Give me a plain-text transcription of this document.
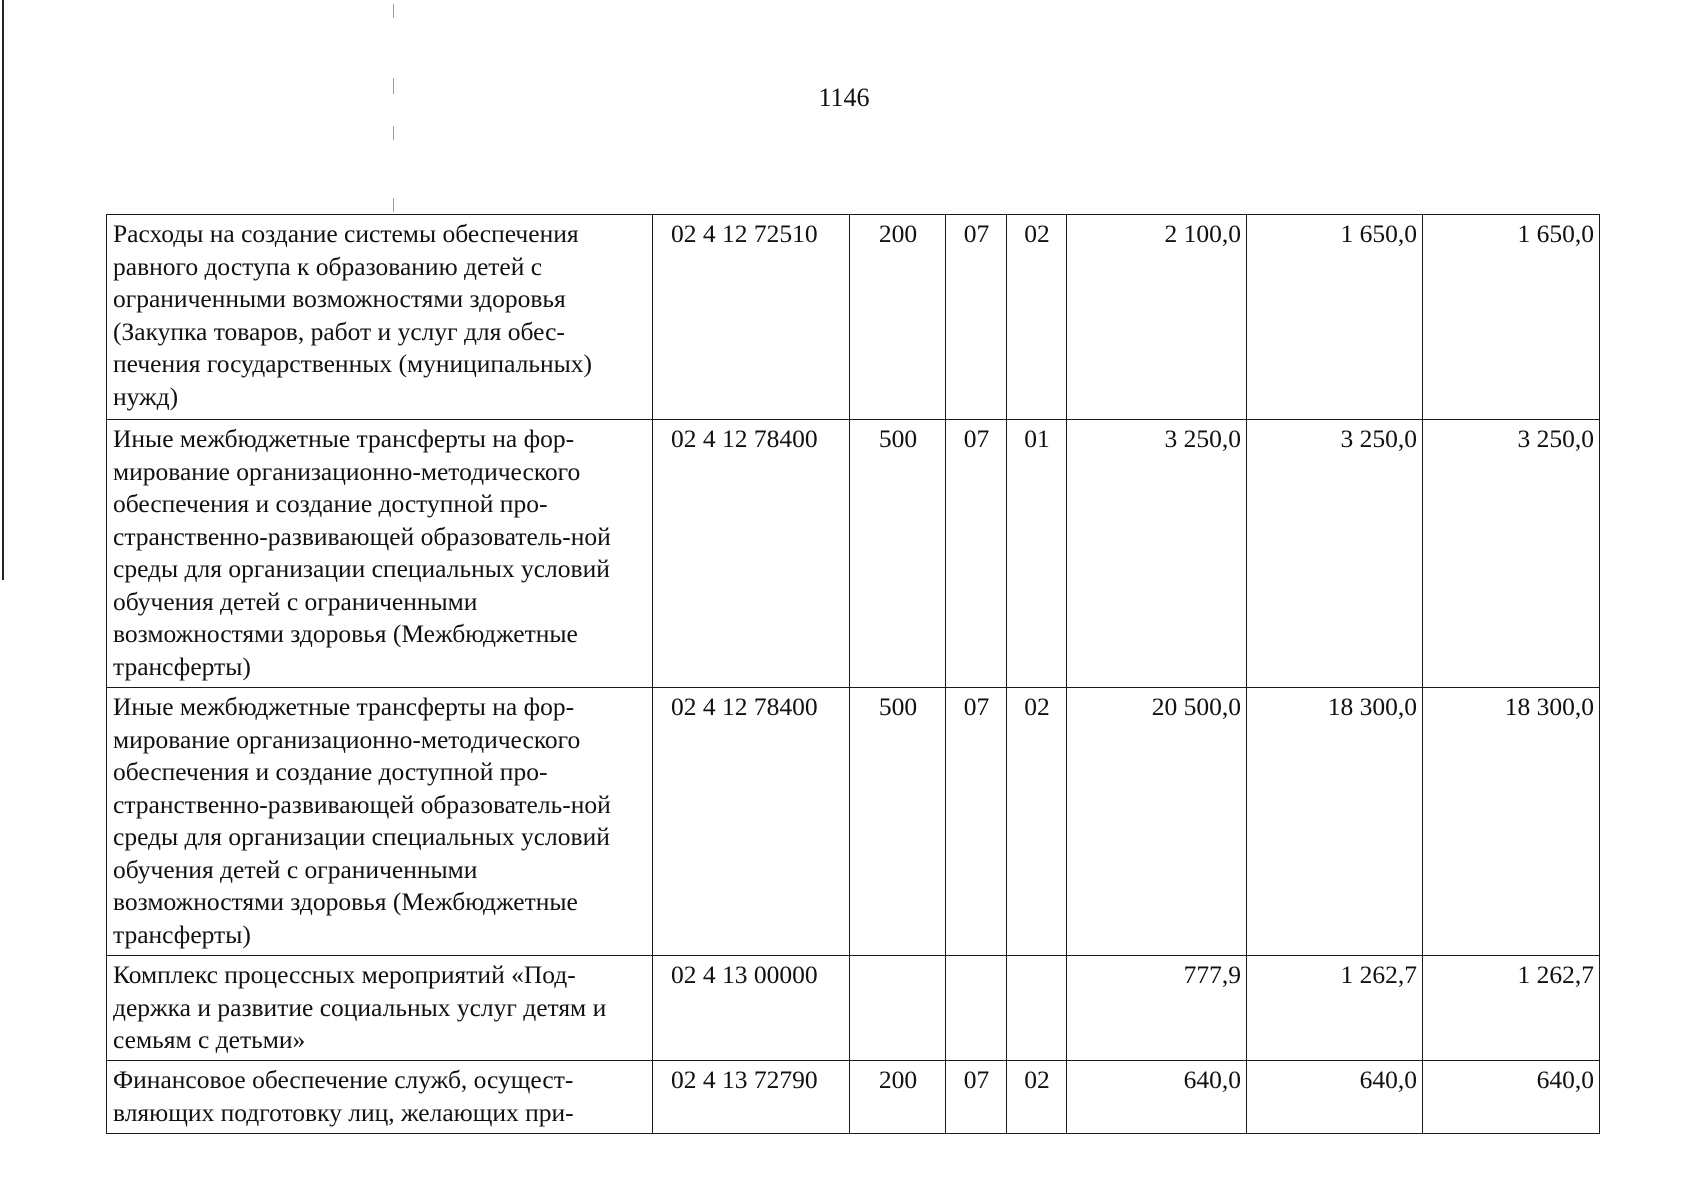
1146
Расходы на создание системы обеспечения равного доступа к образованию детей с ограниченными возможностями здоровья (Закупка товаров, работ и услуг для обес-печения государственных (муниципальных) нужд)	02 4 12 72510	200	07	02	2 100,0	1 650,0	1 650,0
Иные межбюджетные трансферты на фор-мирование организационно-методического обеспечения и создание доступной про-странственно-развивающей образователь-ной среды для организации специальных условий обучения детей с ограниченными возможностями здоровья (Межбюджетные трансферты)	02 4 12 78400	500	07	01	3 250,0	3 250,0	3 250,0
Иные межбюджетные трансферты на фор-мирование организационно-методического обеспечения и создание доступной про-странственно-развивающей образователь-ной среды для организации специальных условий обучения детей с ограниченными возможностями здоровья (Межбюджетные трансферты)	02 4 12 78400	500	07	02	20 500,0	18 300,0	18 300,0
Комплекс процессных мероприятий «Под-держка и развитие социальных услуг детям и семьям с детьми»	02 4 13 00000				777,9	1 262,7	1 262,7
Финансовое обеспечение служб, осущест-вляющих подготовку лиц, желающих при-	02 4 13 72790	200	07	02	640,0	640,0	640,0
